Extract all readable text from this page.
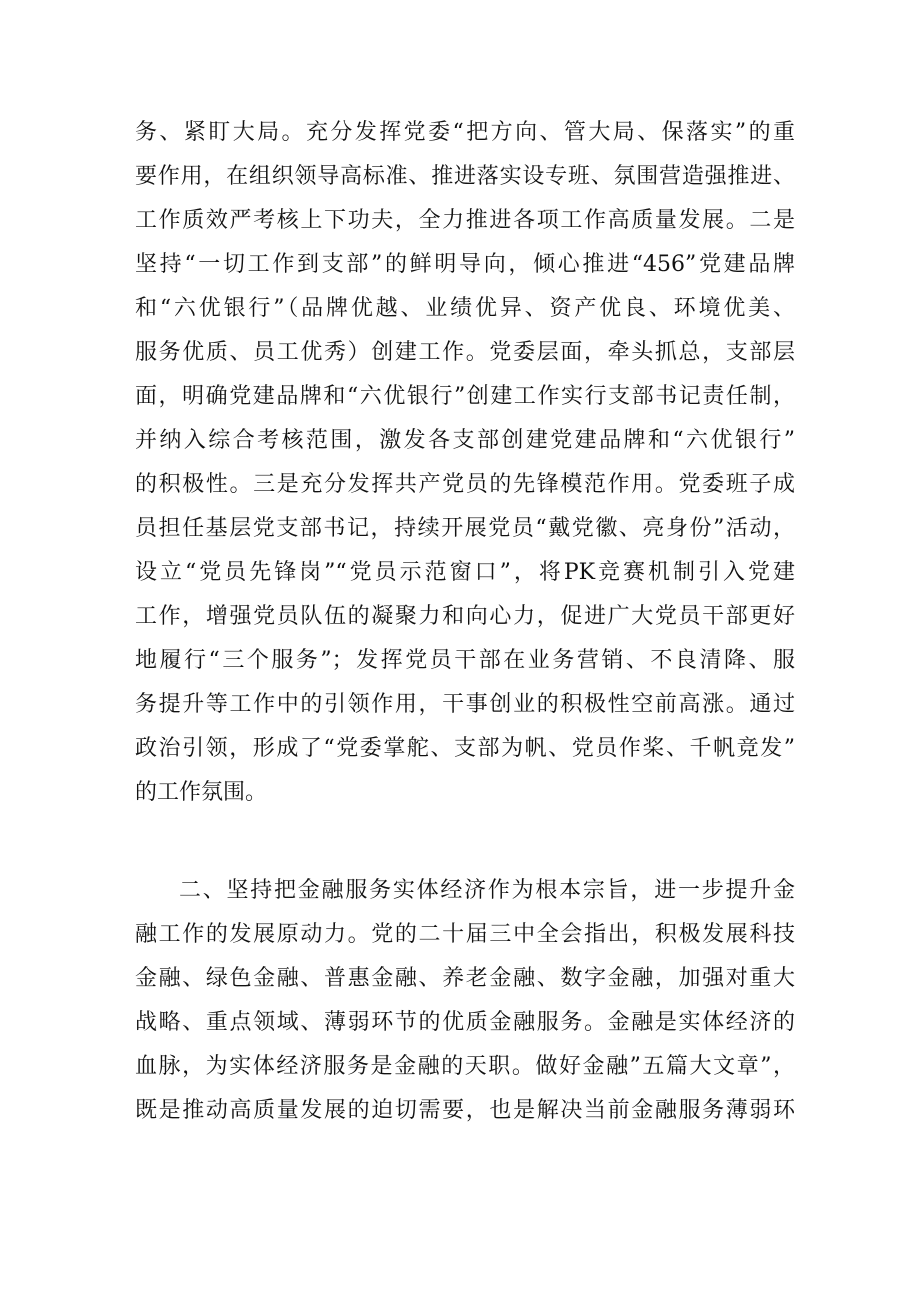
务、紧盯大局。充分发挥党委“把方向、管大局、保落实”的重
要作用，在组织领导高标准、推进落实设专班、氛围营造强推进、
工作质效严考核上下功夫，全力推进各项工作高质量发展。二是
坚持“一切工作到支部”的鲜明导向，倾心推进“456”党建品牌
和“六优银行”（品牌优越、业绩优异、资产优良、环境优美、
服务优质、员工优秀）创建工作。党委层面，牵头抓总，支部层
面，明确党建品牌和“六优银行”创建工作实行支部书记责任制，
并纳入综合考核范围，激发各支部创建党建品牌和“六优银行”
的积极性。三是充分发挥共产党员的先锋模范作用。党委班子成
员担任基层党支部书记，持续开展党员“戴党徽、亮身份”活动，
设立“党员先锋岗”“党员示范窗口”，将PK竞赛机制引入党建
工作，增强党员队伍的凝聚力和向心力，促进广大党员干部更好
地履行“三个服务”；发挥党员干部在业务营销、不良清降、服
务提升等工作中的引领作用，干事创业的积极性空前高涨。通过
政治引领，形成了“党委掌舵、支部为帆、党员作桨、千帆竞发”
的工作氛围。
二、坚持把金融服务实体经济作为根本宗旨，进一步提升金
融工作的发展原动力。党的二十届三中全会指出，积极发展科技
金融、绿色金融、普惠金融、养老金融、数字金融，加强对重大
战略、重点领域、薄弱环节的优质金融服务。金融是实体经济的
血脉，为实体经济服务是金融的天职。做好金融”五篇大文章”，
既是推动高质量发展的迫切需要，也是解决当前金融服务薄弱环
